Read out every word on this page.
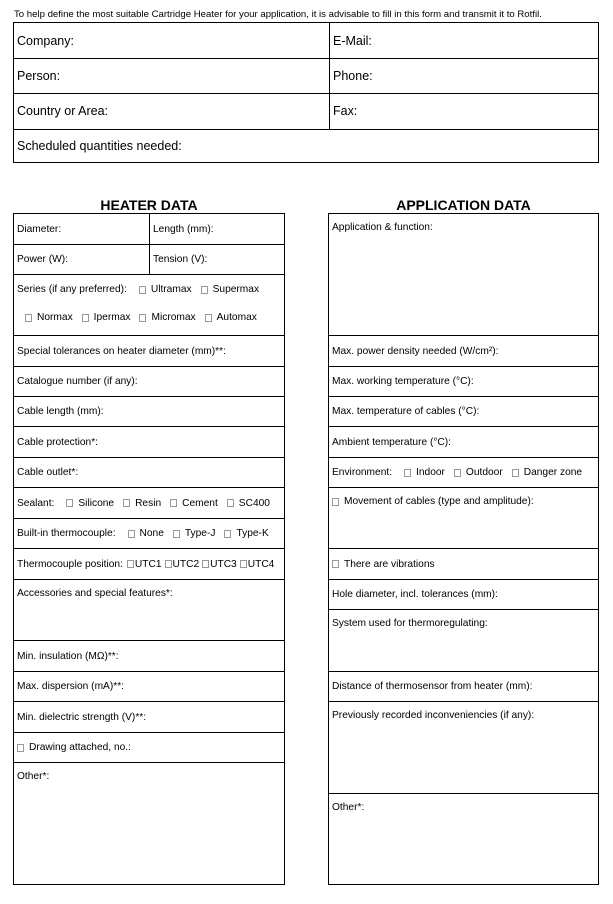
To help define the most suitable Cartridge Heater for your application, it is advisable to fill in this form and transmit it to Rotfil.
Company:	E-Mail:
Person:	Phone:
Country or Area:	Fax:
Scheduled quantities needed:
HEATER DATA	APPLICATION DATA
Diameter:	Length (mm):
Power (W):	Tension (V):
Series (if any preferred): Ultramax Supermax
Normax Ipermax Micromax Automax
Special tolerances on heater diameter (mm)**:
Catalogue number (if any):
Cable length (mm):
Cable protection*:
Cable outlet*:
Sealant: Silicone Resin Cement SC400
Built-in thermocouple: None Type-J Type-K
Thermocouple position: UTC1 UTC2 UTC3 UTC4
Accessories and special features*:
Min. insulation (MΩ)**:
Max. dispersion (mA)**:
Min. dielectric strength (V)**:
Drawing attached, no.:
Other*:
Application & function:
Max. power density needed (W/cm²):
Max. working temperature (°C):
Max. temperature of cables (°C):
Ambient temperature (°C):
Environment: Indoor Outdoor Danger zone
Movement of cables (type and amplitude):
There are vibrations
Hole diameter, incl. tolerances (mm):
System used for thermoregulating:
Distance of thermosensor from heater (mm):
Previously recorded inconveniencies (if any):
Other*:
